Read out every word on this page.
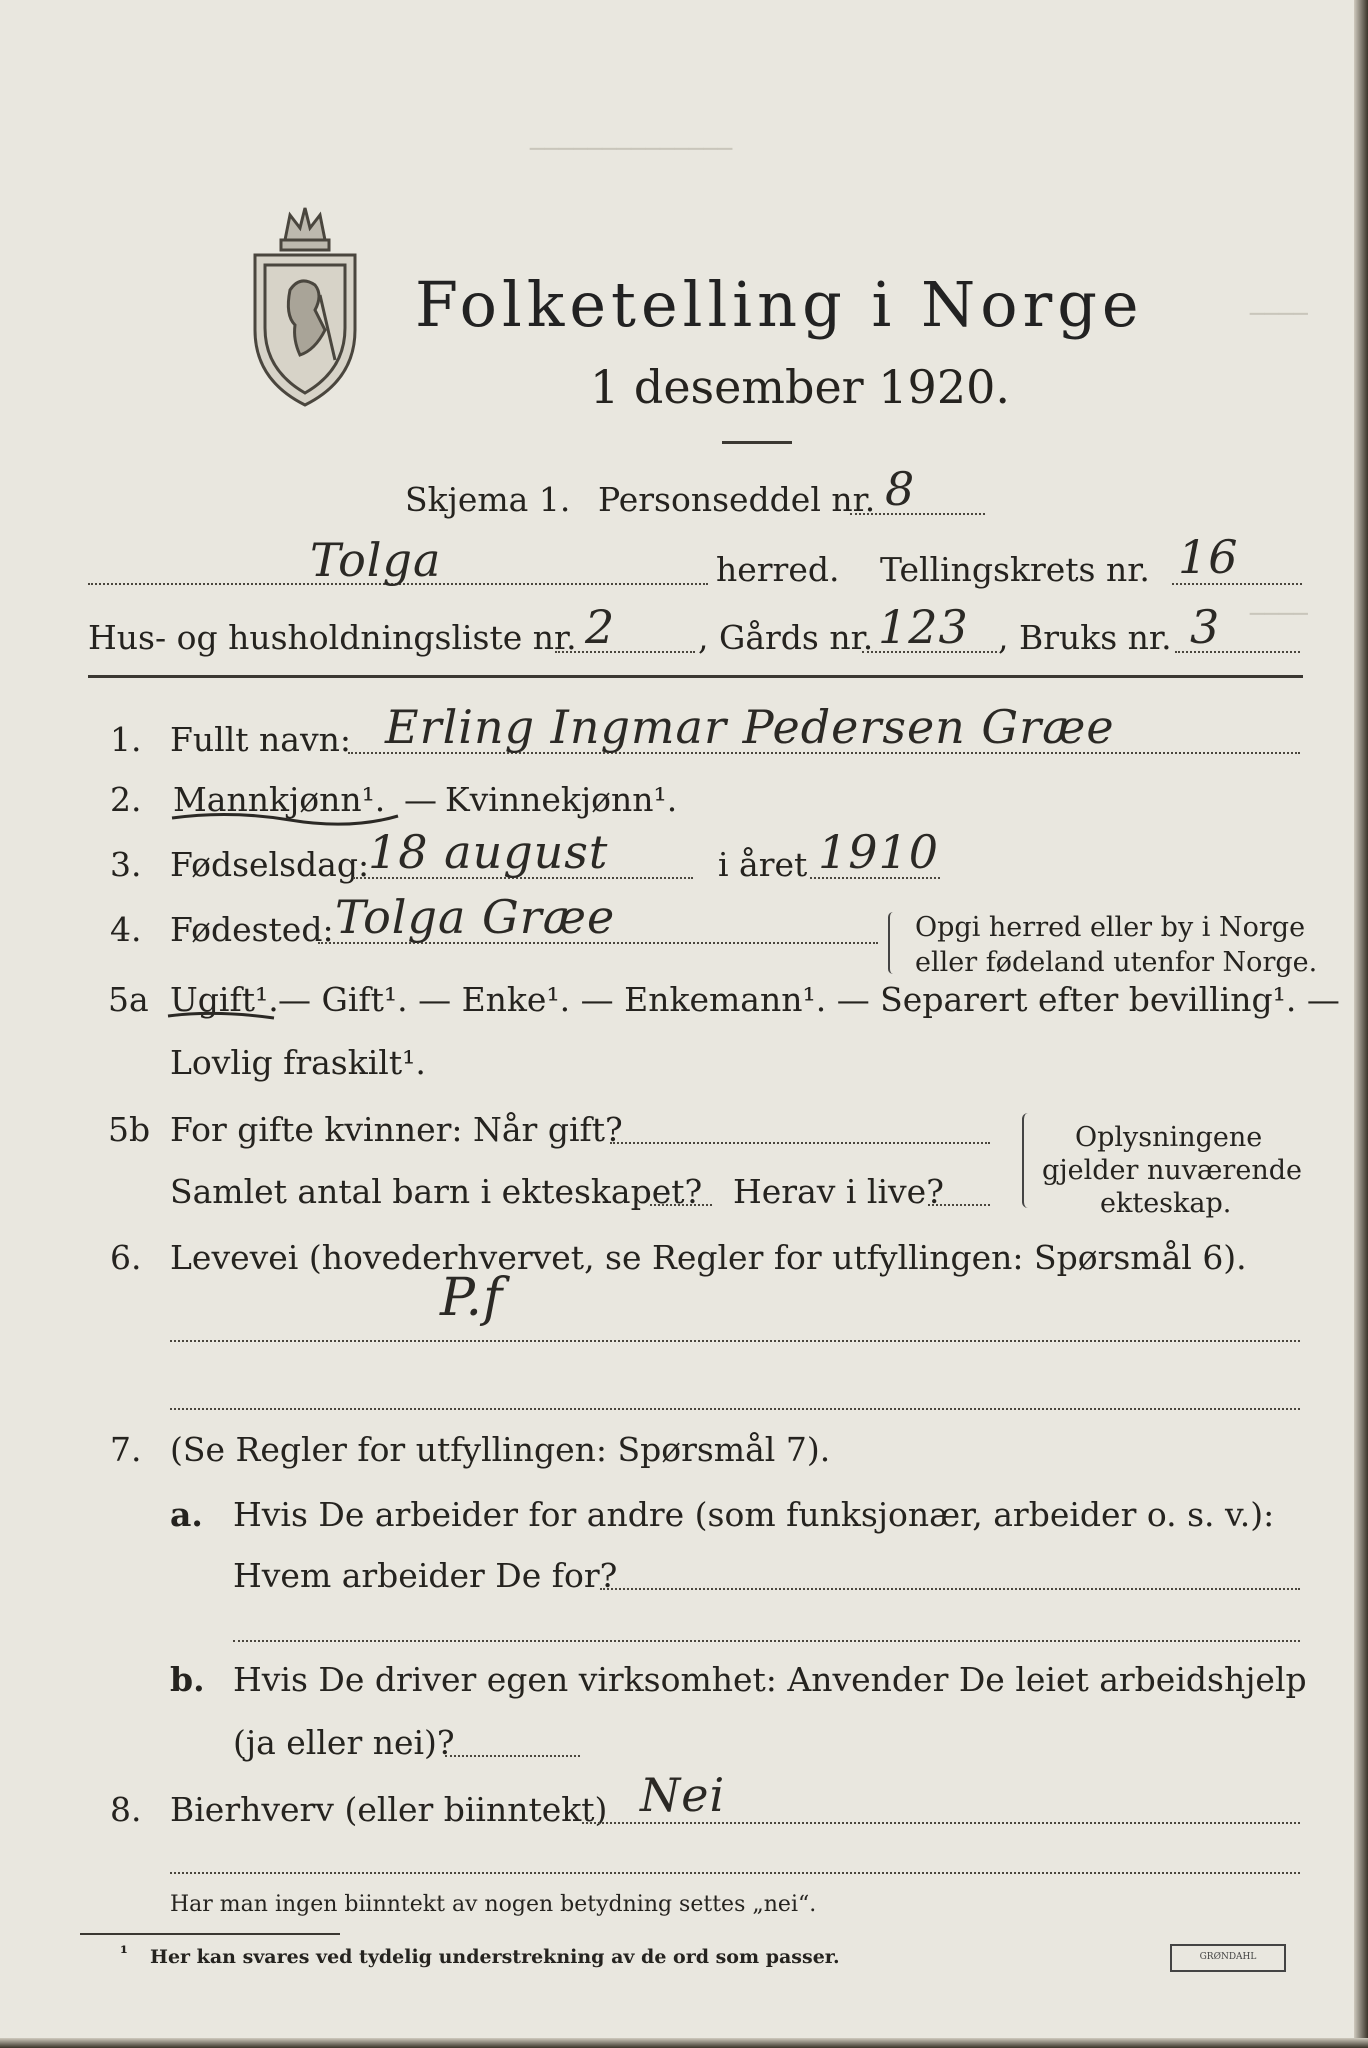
──────────────
────
────
Folketelling i Norge
1 desember 1920.
Skjema 1. Personseddel nr. 8
Tolga	herred. Tellingskrets nr. 16
Hus- og husholdningsliste nr. 2	, Gårds nr. 123 , Bruks nr. 3
1. Fullt navn: Erling Ingmar Pedersen Græe
2. Mannkjønn¹. — Kvinnekjønn¹.
3. Fødselsdag:
18 august	i året 1910
4. Fødested: Tolga Græe	Opgi herred eller by i Norge
eller fødeland utenfor Norge.
5a Ugift¹. — Gift¹. — Enke¹. — Enkemann¹. — Separert efter bevilling¹. —
Lovlig fraskilt¹.
5b For gifte kvinner: Når gift?
Samlet antal barn i ekteskapet? Herav i live?
Oplysningene
gjelder nuværende
ekteskap.
6. Levevei (hovederhvervet, se Regler for utfyllingen: Spørsmål 6).
P.f
7. (Se Regler for utfyllingen: Spørsmål 7).
a. Hvis De arbeider for andre (som funksjonær, arbeider o. s. v.):
Hvem arbeider De for?
b. Hvis De driver egen virksomhet: Anvender De leiet arbeidshjelp
(ja eller nei)?
8. Bierhverv (eller biinntekt) Nei
Har man ingen biinntekt av nogen betydning settes „nei“.
¹ Her kan svares ved tydelig understrekning av de ord som passer.	GRØNDAHL
